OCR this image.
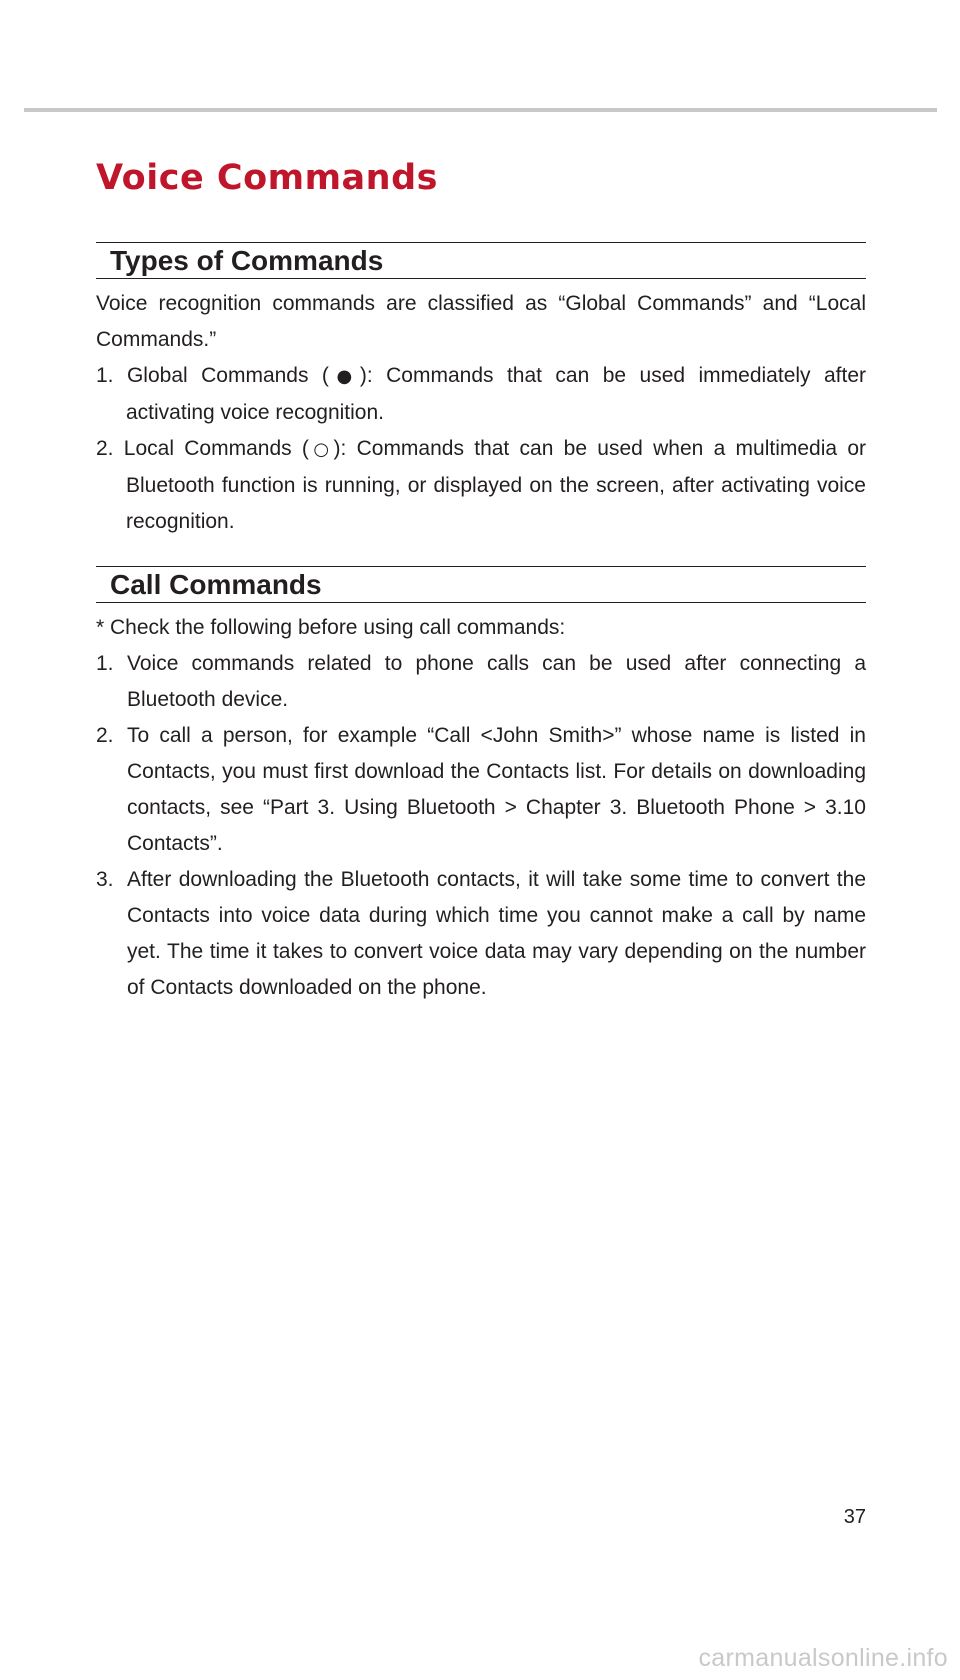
Voice Commands
Types of Commands

Voice recognition commands are classified as “Global Commands” and “Local Commands.”

1. Global Commands (●): Commands that can be used immediately after activating voice recognition.
2. Local Commands (○): Commands that can be used when a multimedia or Bluetooth function is running, or displayed on the screen, after activating voice recognition.
Call Commands

* Check the following before using call commands:

1. Voice commands related to phone calls can be used after connecting a Bluetooth device.
2. To call a person, for example “Call <John Smith>” whose name is listed in Contacts, you must first download the Contacts list. For details on downloading contacts, see “Part 3. Using Bluetooth > Chapter 3. Bluetooth Phone > 3.10 Contacts”.
3. After downloading the Bluetooth contacts, it will take some time to convert the Contacts into voice data during which time you cannot make a call by name yet. The time it takes to convert voice data may vary depending on the number of Contacts downloaded on the phone.
37
carmanualsonline.info
